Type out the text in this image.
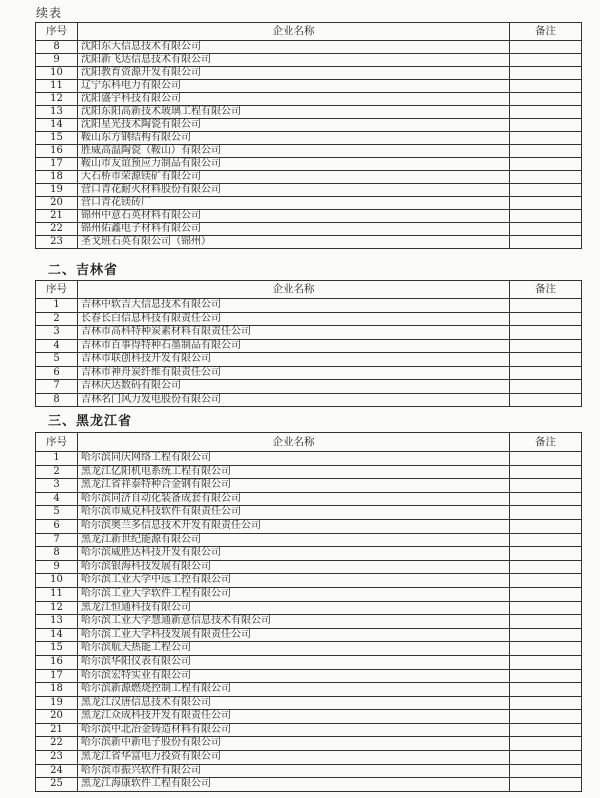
续表
序号	企业名称	备注
8	沈阳东大信息技术有限公司	
9	沈阳新飞达信息技术有限公司	
10	沈阳教育资源开发有限公司	
11	辽宁东科电力有限公司	
12	沈阳盛宇科技有限公司	
13	沈阳东阳高新技术玻璃工程有限公司	
14	沈阳星光技术陶瓷有限公司	
15	鞍山东方钢结构有限公司	
16	胜威高温陶瓷（鞍山）有限公司	
17	鞍山市友谊预应力制品有限公司	
18	大石桥市荣源镁矿有限公司	
19	营口青花耐火材料股份有限公司	
20	营口青花镁砖厂	
21	锦州中意石英材料有限公司	
22	锦州佑鑫电子材料有限公司	
23	圣戈班石英有限公司（锦州）	
二、吉林省
序号	企业名称	备注
1	吉林中软吉大信息技术有限公司	
2	长春长白信息科技有限责任公司	
3	吉林市高科特种炭素材料有限责任公司	
4	吉林市百事得特种石墨制品有限公司	
5	吉林市联创科技开发有限公司	
6	吉林市神舟炭纤维有限责任公司	
7	吉林庆达数码有限公司	
8	吉林名门风力发电股份有限公司	
三、黑龙江省
序号	企业名称	备注
1	哈尔滨同庆网络工程有限公司	
2	黑龙江亿阳机电系统工程有限公司	
3	黑龙江省祥泰特种合金钢有限公司	
4	哈尔滨同济自动化装备成套有限公司	
5	哈尔滨市威克科技软件有限责任公司	
6	哈尔滨奥兰多信息技术开发有限责任公司	
7	黑龙江新世纪能源有限公司	
8	哈尔滨威胜达科技开发有限公司	
9	哈尔滨银海科技发展有限公司	
10	哈尔滨工业大学中远工控有限公司	
11	哈尔滨工业大学软件工程有限公司	
12	黑龙江恒通科技有限公司	
13	哈尔滨工业大学慧通新意信息技术有限公司	
14	哈尔滨工业大学科技发展有限责任公司	
15	哈尔滨航天热能工程公司	
16	哈尔滨华阳仪表有限公司	
17	哈尔滨宏特实业有限公司	
18	哈尔滨新源燃烧控制工程有限公司	
19	黑龙江汉唐信息技术有限公司	
20	黑龙江众成科技开发有限责任公司	
21	哈尔滨中北冶金铸造材料有限公司	
22	哈尔滨新中新电子股份有限公司	
23	黑龙江省华富电力投资有限公司	
24	哈尔滨市振兴软件有限公司	
25	黑龙江海康软件工程有限公司	
